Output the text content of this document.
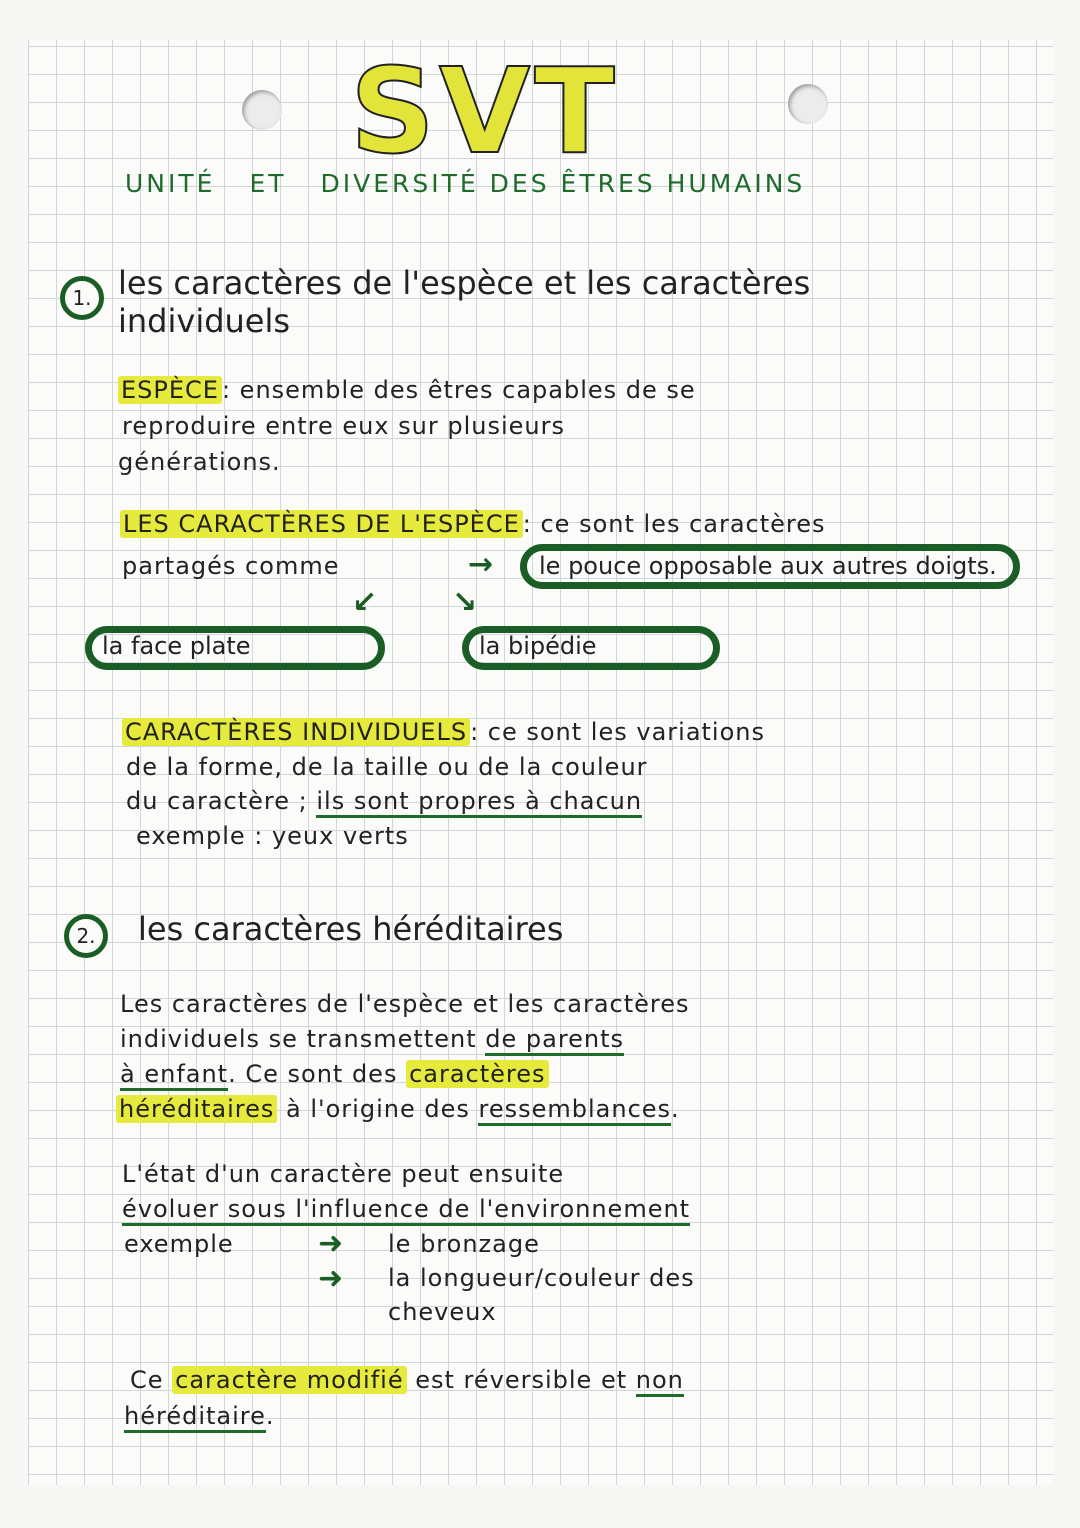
SVT
UNITÉ ET DIVERSITÉ DES ÊTRES HUMAINS
1. les caractères de l'espèce et les caractères
individuels
ESPÈCE : ensemble des êtres capables de se
reproduire entre eux sur plusieurs
générations.
LES CARACTÈRES DE L'ESPÈCE : ce sont les caractères
partagés comme	→
↙ ↘
le pouce opposable aux autres doigts.
la face plate	la bipédie
CARACTÈRES INDIVIDUELS : ce sont les variations
de la forme, de la taille ou de la couleur
du caractère ; ils sont propres à chacun
exemple : yeux verts
2.	les caractères héréditaires
Les caractères de l'espèce et les caractères
individuels se transmettent de parents
à enfant. Ce sont des caractères
héréditaires à l'origine des ressemblances.
L'état d'un caractère peut ensuite
évoluer sous l'influence de l'environnement
exemple	➜ le bronzage
➜ la longueur/couleur des
cheveux
Ce caractère modifié est réversible et non
héréditaire.
